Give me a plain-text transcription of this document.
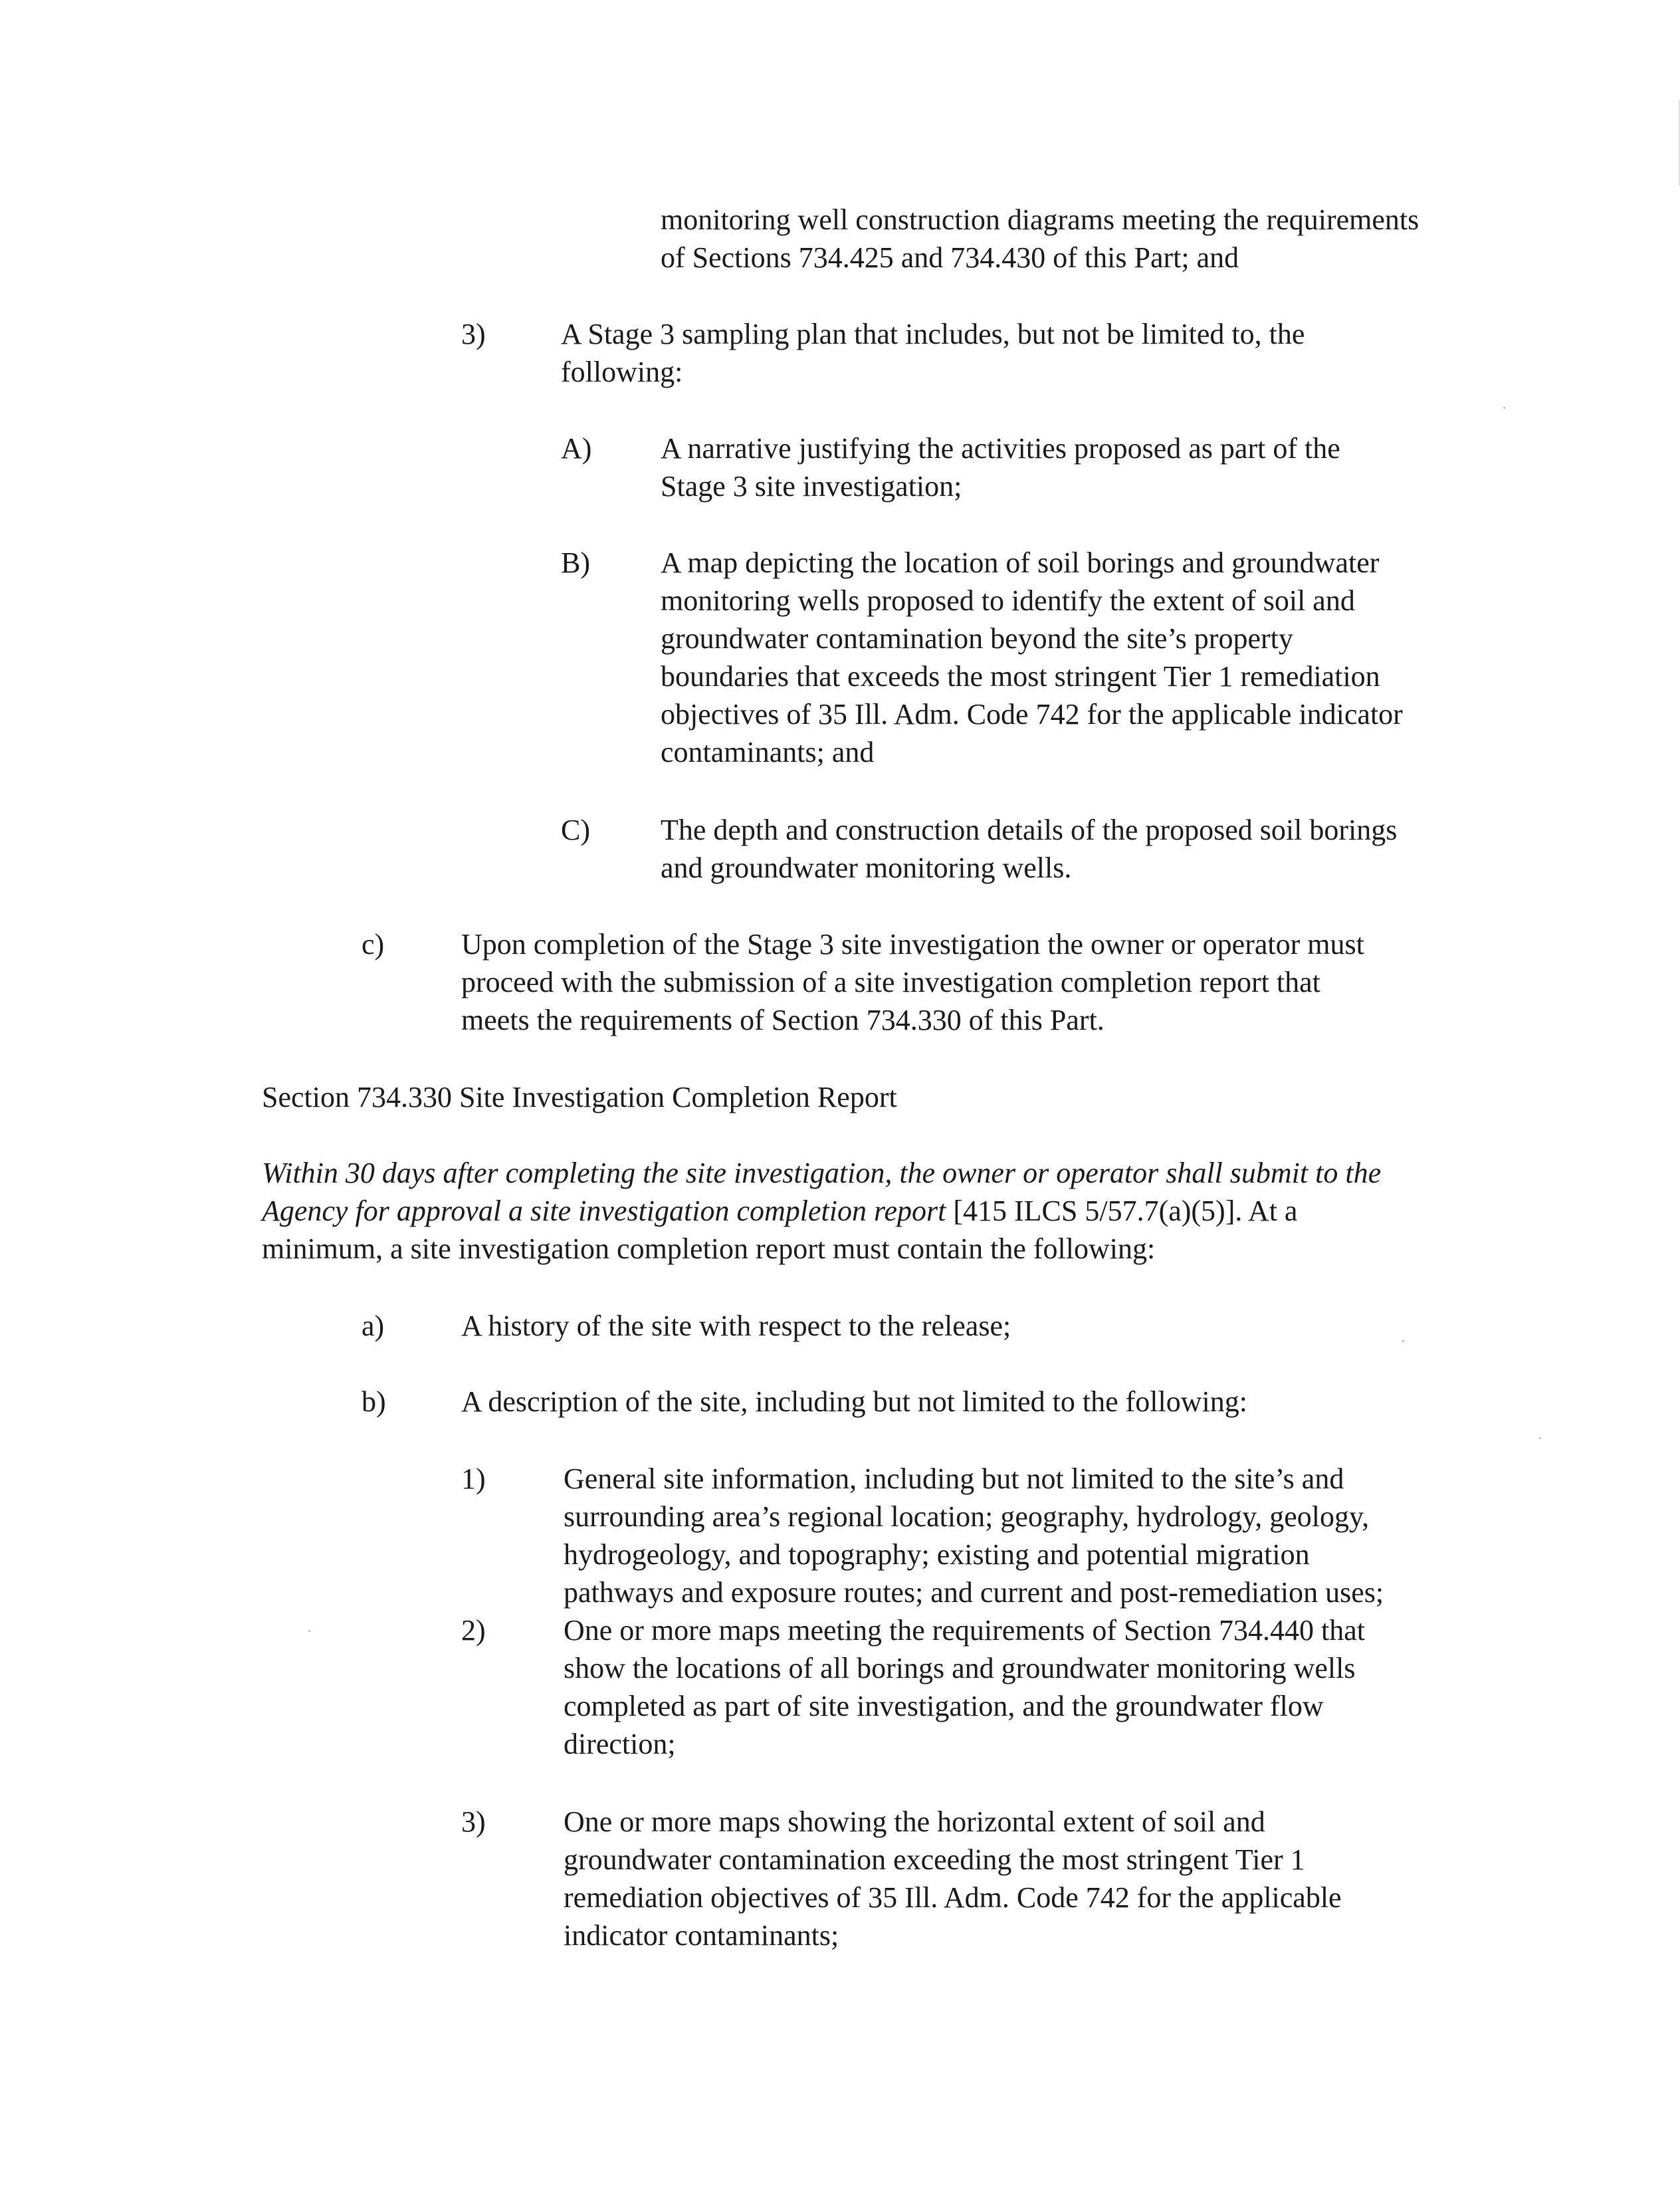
monitoring well construction diagrams meeting the requirements
of Sections 734.425 and 734.430 of this Part; and
3)	A Stage 3 sampling plan that includes, but not be limited to, the
following:
A) A narrative justifying the activities proposed as part of the
Stage 3 site investigation;
B) A map depicting the location of soil borings and groundwater
monitoring wells proposed to identify the extent of soil and
groundwater contamination beyond the site’s property
boundaries that exceeds the most stringent Tier 1 remediation
objectives of 35 Ill. Adm. Code 742 for the applicable indicator
contaminants; and
C) The depth and construction details of the proposed soil borings
and groundwater monitoring wells.
c)	Upon completion of the Stage 3 site investigation the owner or operator must
proceed with the submission of a site investigation completion report that
meets the requirements of Section 734.330 of this Part.
Section 734.330 Site Investigation Completion Report
Within 30 days after completing the site investigation, the owner or operator shall submit to the
Agency for approval a site investigation completion report [415 ILCS 5/57.7(a)(5)]. At a
minimum, a site investigation completion report must contain the following:
a)	A history of the site with respect to the release;
b)	A description of the site, including but not limited to the following:
1)	General site information, including but not limited to the site’s and
surrounding area’s regional location; geography, hydrology, geology,
hydrogeology, and topography; existing and potential migration
pathways and exposure routes; and current and post-remediation uses;
2)	One or more maps meeting the requirements of Section 734.440 that
show the locations of all borings and groundwater monitoring wells
completed as part of site investigation, and the groundwater flow
direction;
3)	One or more maps showing the horizontal extent of soil and
groundwater contamination exceeding the most stringent Tier 1
remediation objectives of 35 Ill. Adm. Code 742 for the applicable
indicator contaminants;
